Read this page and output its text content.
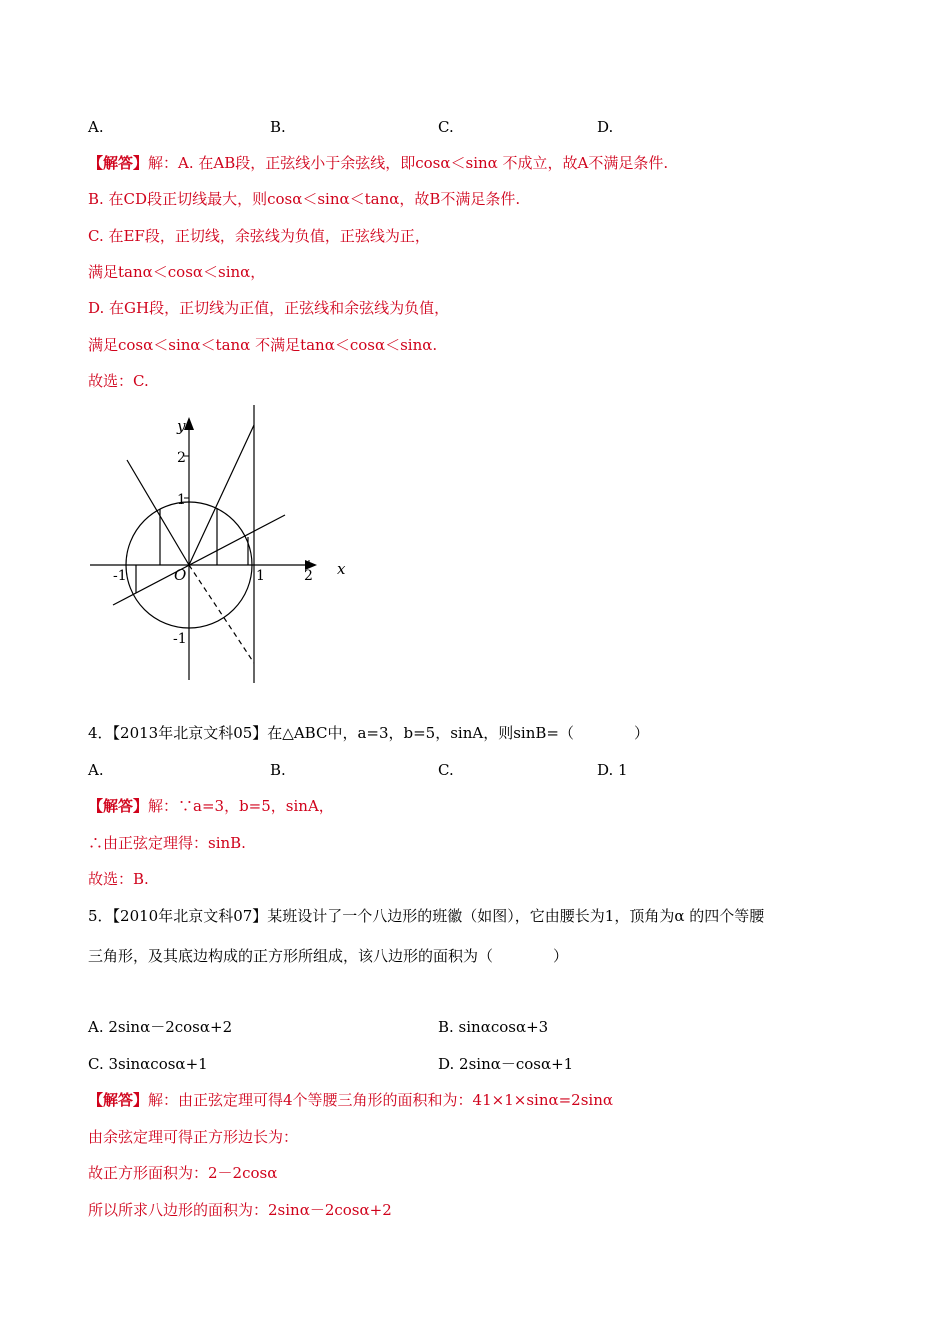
A.	B.	C.	D.
【解答】解：A. 在AB段，正弦线小于余弦线，即cosα＜sinα 不成立，故A不满足条件.
B. 在CD段正切线最大，则cosα＜sinα＜tanα，故B不满足条件.
C. 在EF段，正切线，余弦线为负值，正弦线为正，
满足tanα＜cosα＜sinα，
D. 在GH段，正切线为正值，正弦线和余弦线为负值，
满足cosα＜sinα＜tanα 不满足tanα＜cosα＜sinα.
故选：C.
y
x
O
-1	1	2
2
1
-1
4．【2013年北京文科05】在△ABC中，a=3，b=5，sinA，则sinB=（　　　　）
A.	B.	C.	D. 1
【解答】解：∵a=3，b=5，sinA，
∴由正弦定理得：sinB.
故选：B.
5．【2010年北京文科07】某班设计了一个八边形的班徽（如图），它由腰长为1，顶角为α 的四个等腰
三角形，及其底边构成的正方形所组成，该八边形的面积为（　　　　）
A. 2sinα－2cosα+2	B. sinαcosα+3
C. 3sinαcosα+1	D. 2sinα－cosα+1
【解答】解：由正弦定理可得4个等腰三角形的面积和为：41×1×sinα=2sinα
由余弦定理可得正方形边长为：
故正方形面积为：2－2cosα
所以所求八边形的面积为：2sinα－2cosα+2
